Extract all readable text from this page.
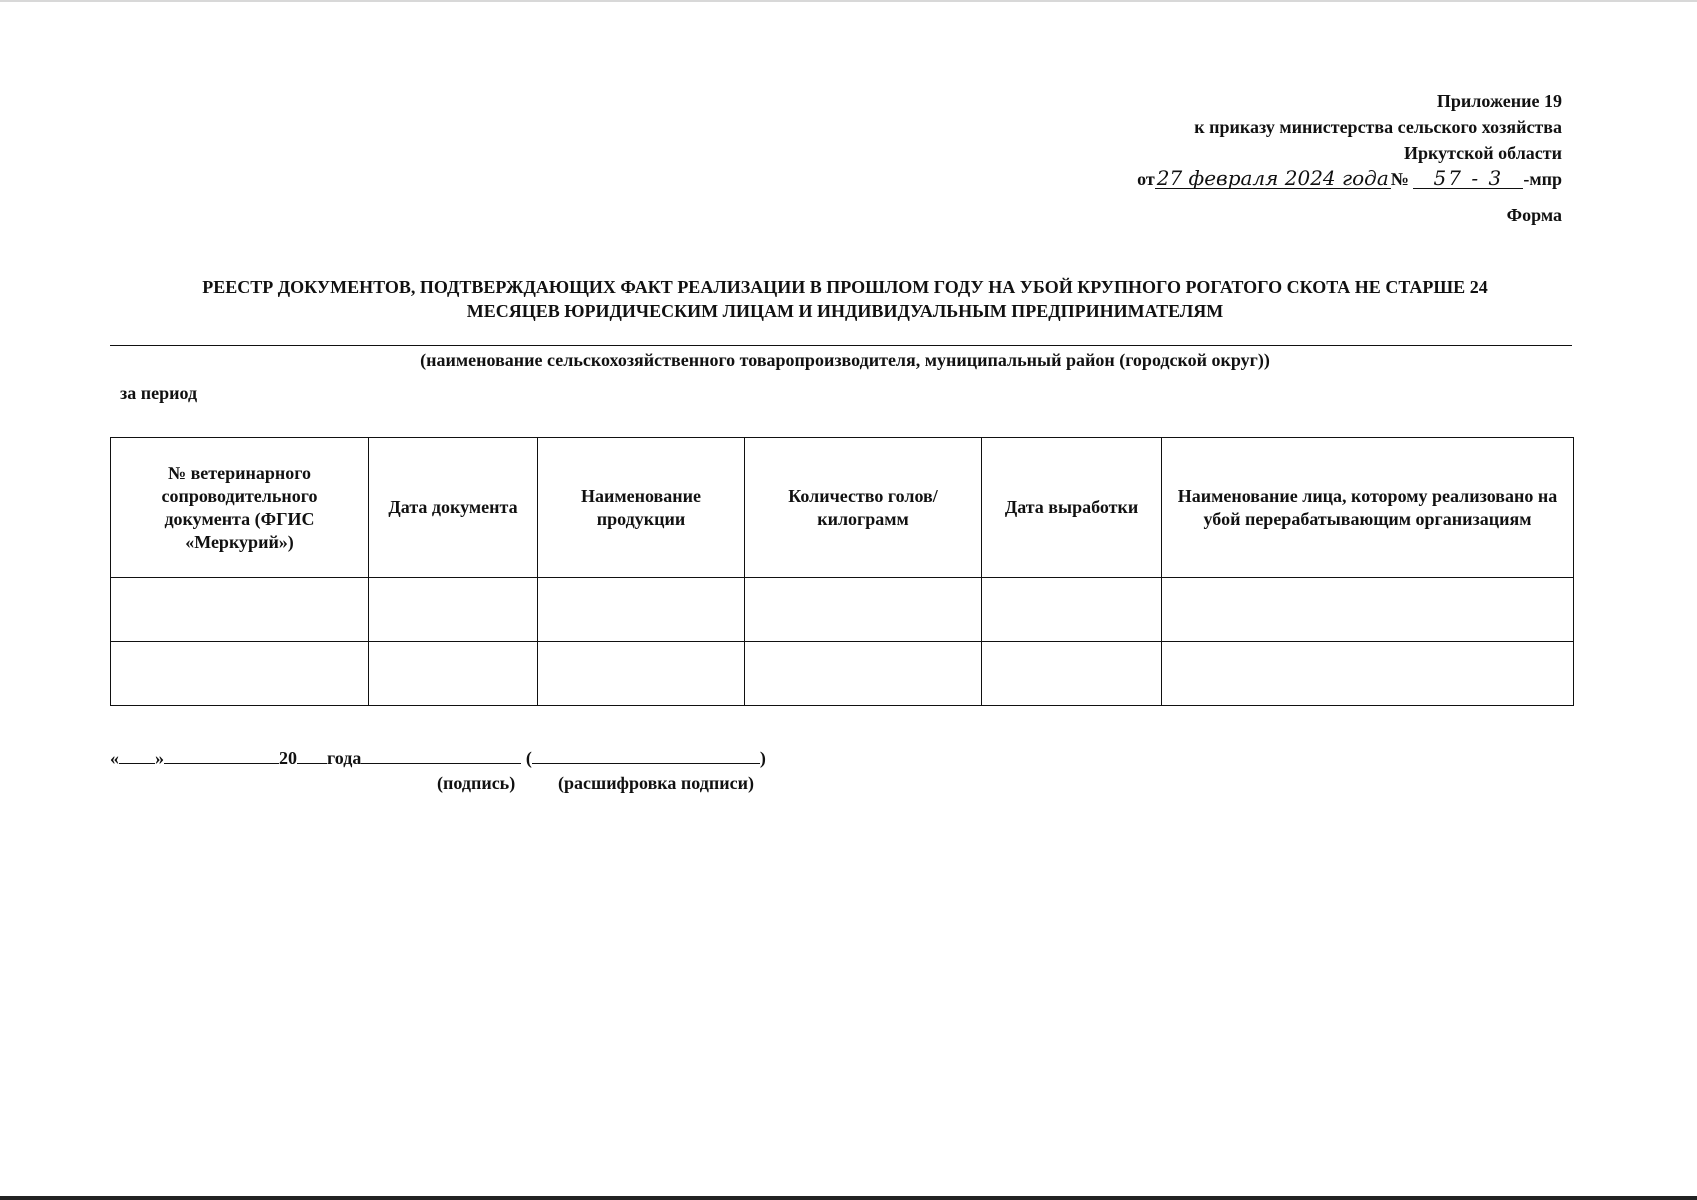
Приложение 19
к приказу министерства сельского хозяйства
Иркутской области
от 27 февраля 2024 года № 57 - 3 -мпр
Форма
РЕЕСТР ДОКУМЕНТОВ, ПОДТВЕРЖДАЮЩИХ ФАКТ РЕАЛИЗАЦИИ В ПРОШЛОМ ГОДУ НА УБОЙ КРУПНОГО РОГАТОГО СКОТА НЕ СТАРШЕ 24
МЕСЯЦЕВ ЮРИДИЧЕСКИМ ЛИЦАМ И ИНДИВИДУАЛЬНЫМ ПРЕДПРИНИМАТЕЛЯМ
(наименование сельскохозяйственного товаропроизводителя, муниципальный район (городской округ))
за период
№ ветеринарного сопроводительного документа (ФГИС «Меркурий»)	Дата документа	Наименование продукции	Количество голов/килограмм	Дата выработки	Наименование лица, которому реализовано на убой перерабатывающим организациям

« »	20 года	(	)
(подпись) (расшифровка подписи)
